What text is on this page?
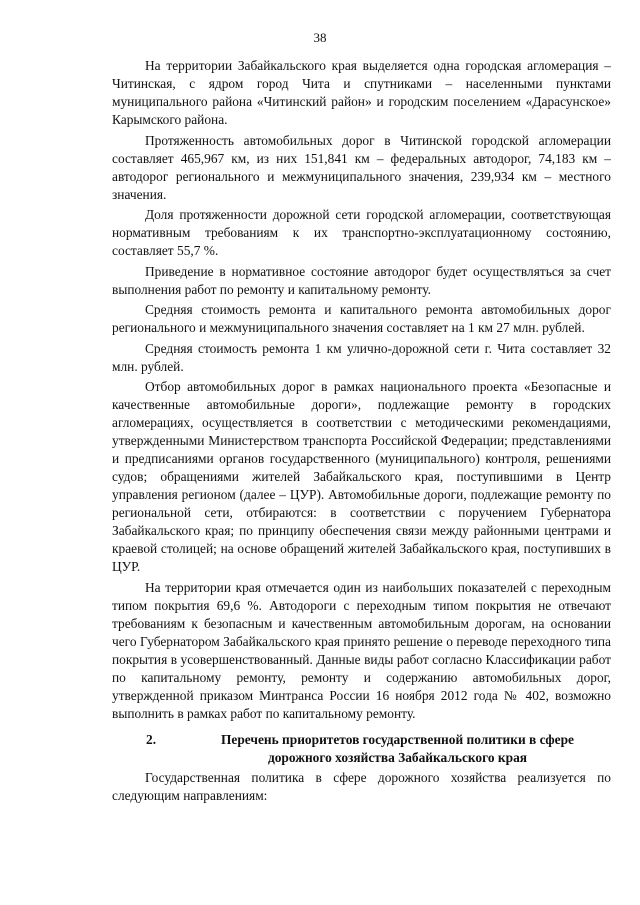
38

На территории Забайкальского края выделяется одна городская агломерация – Читинская, с ядром город Чита и спутниками – населенными пунктами муниципального района «Читинский район» и городским поселением «Дарасунское» Карымского района.

Протяженность автомобильных дорог в Читинской городской агломерации составляет 465,967 км, из них 151,841 км – федеральных автодорог, 74,183 км – автодорог регионального и межмуниципального значения, 239,934 км – местного значения.

Доля протяженности дорожной сети городской агломерации, соответствующая нормативным требованиям к их транспортно-эксплуатационному состоянию, составляет 55,7 %.

Приведение в нормативное состояние автодорог будет осуществляться за счет выполнения работ по ремонту и капитальному ремонту.

Средняя стоимость ремонта и капитального ремонта автомобильных дорог регионального и межмуниципального значения составляет на 1 км 27 млн. рублей.

Средняя стоимость ремонта 1 км улично-дорожной сети г. Чита составляет 32 млн. рублей.

Отбор автомобильных дорог в рамках национального проекта «Безопасные и качественные автомобильные дороги», подлежащие ремонту в городских агломерациях, осуществляется в соответствии с методическими рекомендациями, утвержденными Министерством транспорта Российской Федерации; представлениями и предписаниями органов государственного (муниципального) контроля, решениями судов; обращениями жителей Забайкальского края, поступившими в Центр управления регионом (далее – ЦУР). Автомобильные дороги, подлежащие ремонту по региональной сети, отбираются: в соответствии с поручением Губернатора Забайкальского края; по принципу обеспечения связи между районными центрами и краевой столицей; на основе обращений жителей Забайкальского края, поступивших в ЦУР.

На территории края отмечается один из наибольших показателей с переходным типом покрытия 69,6 %. Автодороги с переходным типом покрытия не отвечают требованиям к безопасным и качественным автомобильным дорогам, на основании чего Губернатором Забайкальского края принято решение о переводе переходного типа покрытия в усовершенствованный. Данные виды работ согласно Классификации работ по капитальному ремонту, ремонту и содержанию автомобильных дорог, утвержденной приказом Минтранса России 16 ноября 2012 года № 402, возможно выполнить в рамках работ по капитальному ремонту.

2.	Перечень приоритетов государственной политики в сфере дорожного хозяйства Забайкальского края

Государственная политика в сфере дорожного хозяйства реализуется по следующим направлениям:
